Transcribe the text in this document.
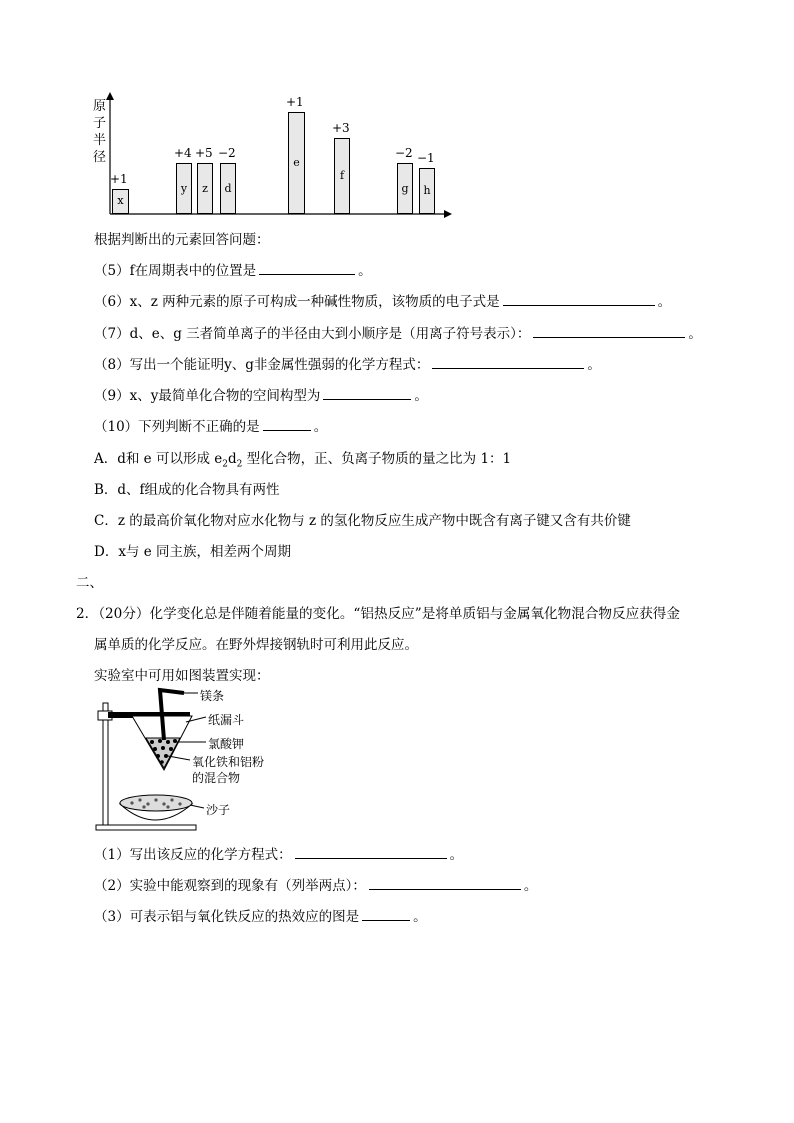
原子半径
x
+1
y
+4
z
+5
d
−2
e
+1
f
+3
g
−2
h
−1
根据判断出的元素回答问题：
（5）f在周期表中的位置是	。
（6）x、z 两种元素的原子可构成一种碱性物质，该物质的电子式是	。
（7）d、e、g 三者简单离子的半径由大到小顺序是（用离子符号表示）：	。
（8）写出一个能证明y、g非金属性强弱的化学方程式：	。
（9）x、y最简单化合物的空间构型为	。
（10）下列判断不正确的是	。
A．d和 e 可以形成 $e_2d_2$ 型化合物，正、负离子物质的量之比为 1：1
B．d、f组成的化合物具有两性
C．z 的最高价氧化物对应水化物与 z 的氢化物反应生成产物中既含有离子键又含有共价键
D．x与 e 同主族，相差两个周期
二、
2．（20分）化学变化总是伴随着能量的变化。“铝热反应”是将单质铝与金属氧化物混合物反应获得金
属单质的化学反应。在野外焊接钢轨时可利用此反应。
实验室中可用如图装置实现：
镁条
纸漏斗
氯酸钾
氧化铁和铝粉
的混合物
沙子
（1）写出该反应的化学方程式：	。
（2）实验中能观察到的现象有（列举两点）：	。
（3）可表示铝与氧化铁反应的热效应的图是	。
